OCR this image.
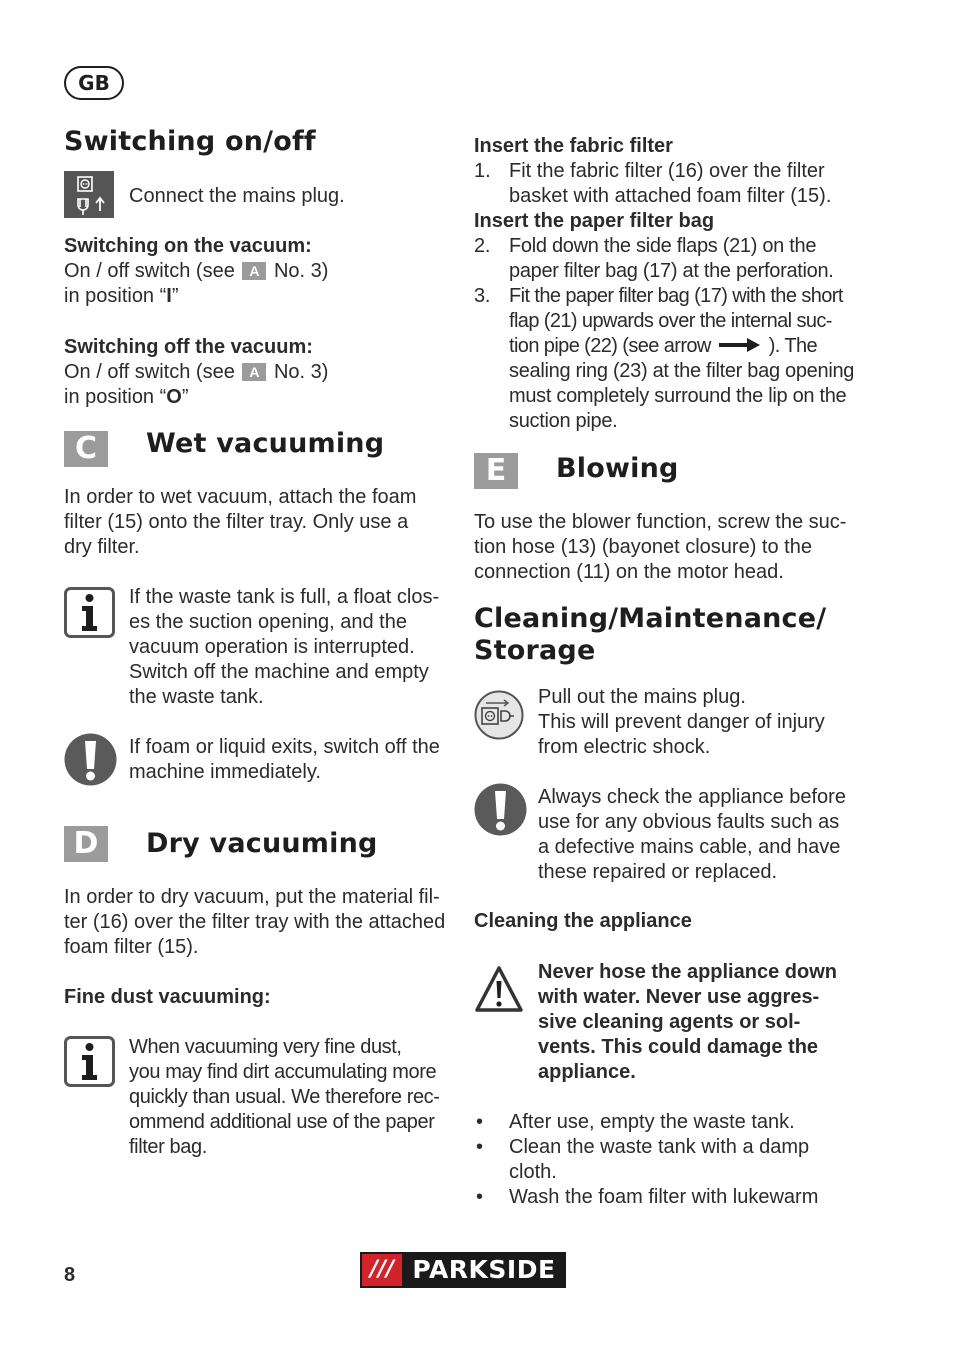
GB
Switching on/off
Connect the mains plug.
Switching on the vacuum:
On / off switch (see A No. 3)
in position “I”
Switching off the vacuum:
On / off switch (see A No. 3)
in position “O”
C	Wet vacuuming
In order to wet vacuum, attach the foam
filter (15) onto the filter tray. Only use a
dry filter.
If the waste tank is full, a float clos-
es the suction opening, and the
vacuum operation is interrupted.
Switch off the machine and empty
the waste tank.
If foam or liquid exits, switch off the
machine immediately.
D	Dry vacuuming
In order to dry vacuum, put the material fil-
ter (16) over the filter tray with the attached
foam filter (15).
Fine dust vacuuming:
When vacuuming very fine dust,
you may find dirt accumulating more
quickly than usual. We therefore rec-
ommend additional use of the paper
filter bag.
8
Insert the fabric filter
1. Fit the fabric filter (16) over the filter
basket with attached foam filter (15).
Insert the paper filter bag
2. Fold down the side flaps (21) on the
paper filter bag (17) at the perforation.
3. Fit the paper filter bag (17) with the short
flap (21) upwards over the internal suc-
tion pipe (22) (see arrow	). The
sealing ring (23) at the filter bag opening
must completely surround the lip on the
suction pipe.
E	Blowing
To use the blower function, screw the suc-
tion hose (13) (bayonet closure) to the
connection (11) on the motor head.
Cleaning/Maintenance/
Storage
Pull out the mains plug.
This will prevent danger of injury
from electric shock.
Always check the appliance before
use for any obvious faults such as
a defective mains cable, and have
these repaired or replaced.
Cleaning the appliance
Never hose the appliance down
with water. Never use aggres-
sive cleaning agents or sol-
vents. This could damage the
appliance.
• After use, empty the waste tank.
• Clean the waste tank with a damp
cloth.
• Wash the foam filter with lukewarm
/// PARKSIDE
